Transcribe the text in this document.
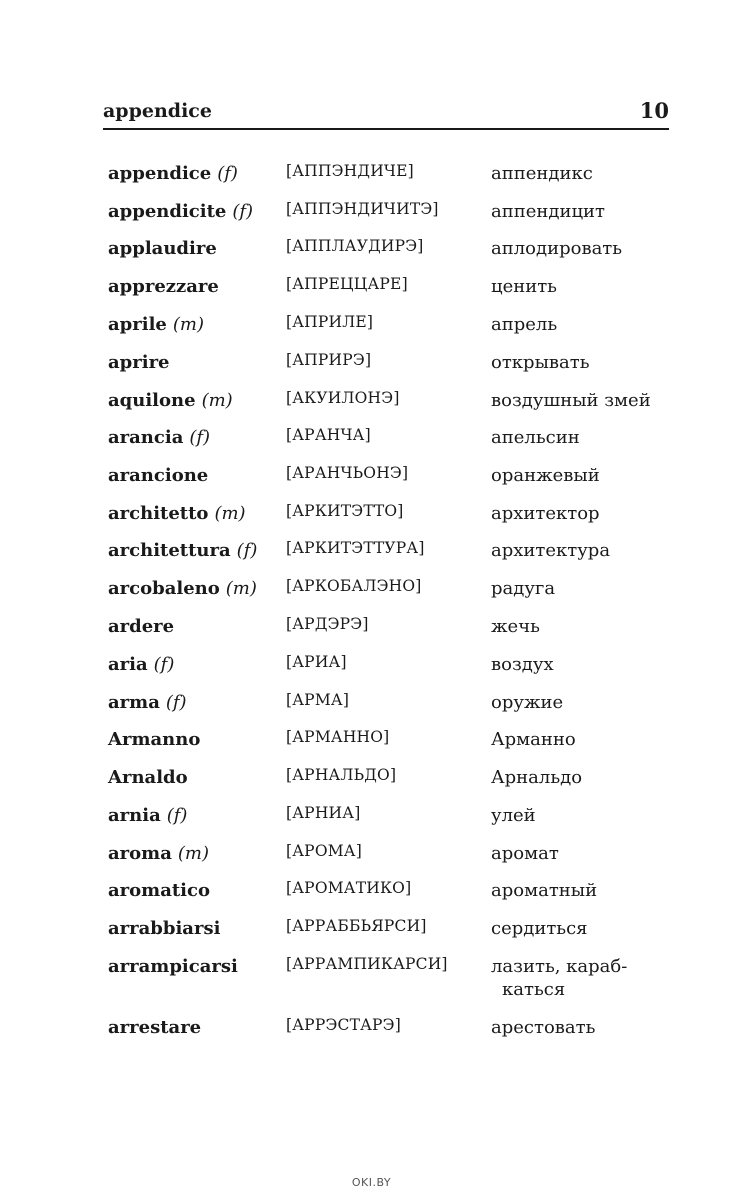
appendice	10
appendice (f)	[АППЭНДИЧЕ]	аппендикс
appendicite (f) [АППЭНДИЧИТЭ]	аппендицит
applaudire	[АППЛАУДИРЭ]	аплодировать
apprezzare	[АПРЕЦЦАРЕ]	ценить
aprile (m)	[АПРИЛЕ]	апрель
aprire	[АПРИРЭ]	открывать
aquilone (m)	[АКУИЛОНЭ]	воздушный змей
arancia (f)	[АРАНЧА]	апельсин
arancione	[АРАНЧЬОНЭ]	оранжевый
architetto (m)	[АРКИТЭТТО]	архитектор
architettura (f) [АРКИТЭТТУРА]	архитектура
arcobaleno (m) [АРКОБАЛЭНО]	радуга
ardere	[АРДЭРЭ]	жечь
aria (f)	[АРИА]	воздух
arma (f)	[АРМА]	оружие
Armanno	[АРМАННО]	Арманно
Arnaldo	[АРНАЛЬДО]	Арнальдо
arnia (f)	[АРНИА]	улей
aroma (m)	[АРОМА]	аромат
aromatico	[АРОМАТИКО]	ароматный
arrabbiarsi	[АРРАББЬЯРСИ]	сердиться
arrampicarsi	[АРРАМПИКАРСИ] лазить, караб-
каться
arrestare	[АРРЭСТАРЭ]	арестовать
OKI.BY
